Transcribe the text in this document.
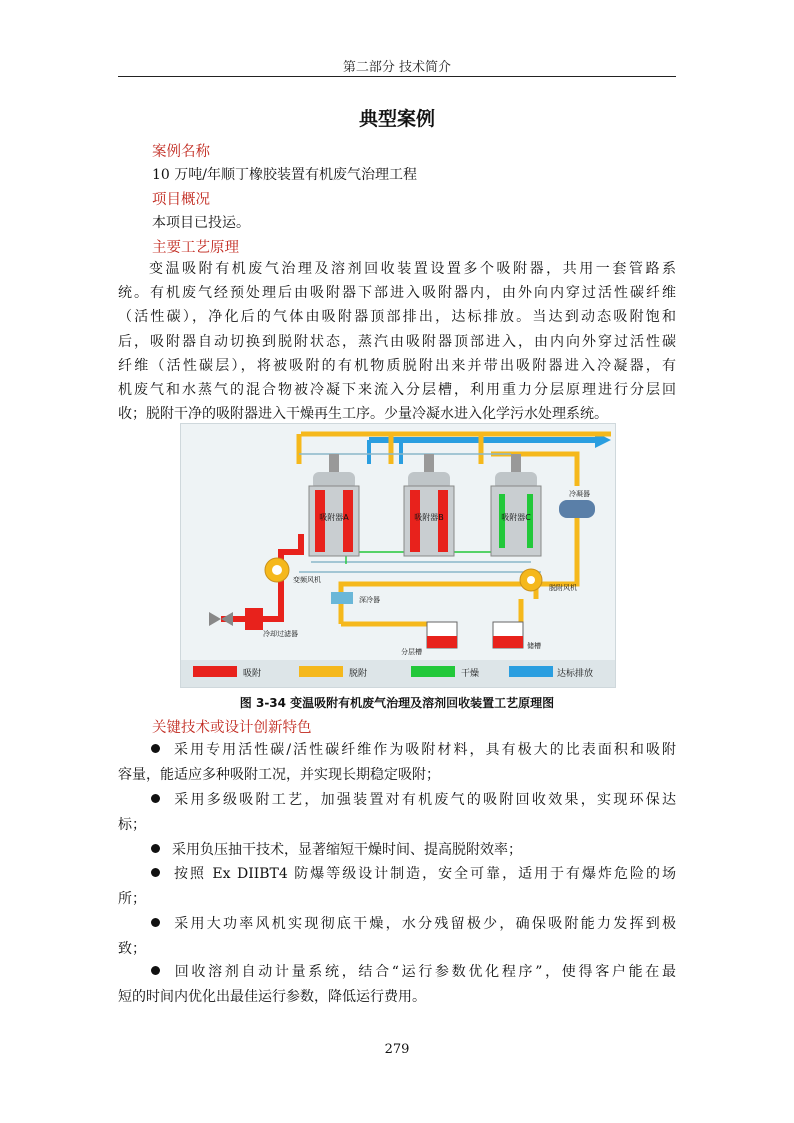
第二部分 技术简介
典型案例
案例名称
10 万吨/年顺丁橡胶装置有机废气治理工程
项目概况
本项目已投运。
主要工艺原理
变温吸附有机废气治理及溶剂回收装置设置多个吸附器，共用一套管路系
统。有机废气经预处理后由吸附器下部进入吸附器内，由外向内穿过活性碳纤维
（活性碳），净化后的气体由吸附器顶部排出，达标排放。当达到动态吸附饱和
后，吸附器自动切换到脱附状态，蒸汽由吸附器顶部进入，由内向外穿过活性碳
纤维（活性碳层），将被吸附的有机物质脱附出来并带出吸附器进入冷凝器，有
机废气和水蒸气的混合物被冷凝下来流入分层槽，利用重力分层原理进行分层回
收；脱附干净的吸附器进入干燥再生工序。少量冷凝水进入化学污水处理系统。
吸附器A	吸附器B	吸附器C
冷凝器
变频风机
脱附风机
深冷器
冷却过滤器
分层槽
储槽
吸附	脱附	干燥	达标排放
图 3-34 变温吸附有机废气治理及溶剂回收装置工艺原理图
关键技术或设计创新特色
采用专用活性碳/活性碳纤维作为吸附材料，具有极大的比表面积和吸附
容量，能适应多种吸附工况，并实现长期稳定吸附；
采用多级吸附工艺，加强装置对有机废气的吸附回收效果，实现环保达
标；
采用负压抽干技术，显著缩短干燥时间、提高脱附效率；
按照 Ex DIIBT4 防爆等级设计制造，安全可靠，适用于有爆炸危险的场
所；
采用大功率风机实现彻底干燥，水分残留极少，确保吸附能力发挥到极
致；
回收溶剂自动计量系统，结合“运行参数优化程序”，使得客户能在最
短的时间内优化出最佳运行参数，降低运行费用。
279
